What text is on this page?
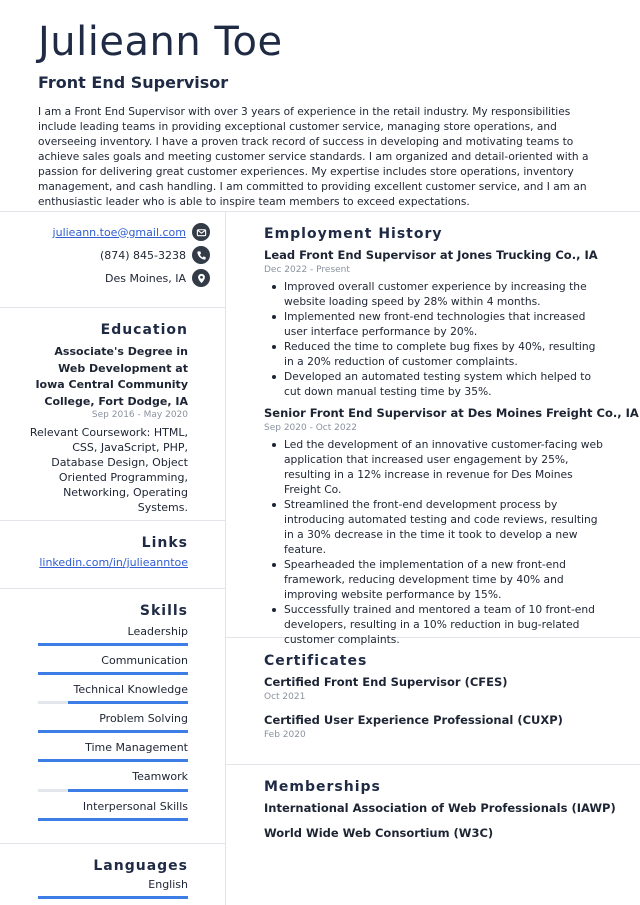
Julieann Toe
Front End Supervisor

I am a Front End Supervisor with over 3 years of experience in the retail industry. My responsibilities include leading teams in providing exceptional customer service, managing store operations, and overseeing inventory. I have a proven track record of success in developing and motivating teams to achieve sales goals and meeting customer service standards. I am organized and detail-oriented with a passion for delivering great customer experiences. My expertise includes store operations, inventory management, and cash handling. I am committed to providing excellent customer service, and I am an enthusiastic leader who is able to inspire team members to exceed expectations.

julieann.toe@gmail.com
(874) 845-3238
Des Moines, IA
Education

Associate's Degree in Web Development at Iowa Central Community College, Fort Dodge, IA

Sep 2016 - May 2020

Relevant Coursework: HTML, CSS, JavaScript, PHP, Database Design, Object Oriented Programming, Networking, Operating Systems.

Links
linkedin.com/in/julieanntoe
Skills
Leadership
Communication
Technical Knowledge
Problem Solving
Time Management
Teamwork
Interpersonal Skills
Languages
English
Employment History
Lead Front End Supervisor at Jones Trucking Co., IA
Dec 2022 - Present
Improved overall customer experience by increasing the website loading speed by 28% within 4 months.
Implemented new front-end technologies that increased user interface performance by 20%.
Reduced the time to complete bug fixes by 40%, resulting in a 20% reduction of customer complaints.
Developed an automated testing system which helped to cut down manual testing time by 35%.
Senior Front End Supervisor at Des Moines Freight Co., IA
Sep 2020 - Oct 2022
Led the development of an innovative customer-facing web application that increased user engagement by 25%, resulting in a 12% increase in revenue for Des Moines Freight Co.
Streamlined the front-end development process by introducing automated testing and code reviews, resulting in a 30% decrease in the time it took to develop a new feature.
Spearheaded the implementation of a new front-end framework, reducing development time by 40% and improving website performance by 15%.
Successfully trained and mentored a team of 10 front-end developers, resulting in a 10% reduction in bug-related customer complaints.
Certificates
Certified Front End Supervisor (CFES)
Oct 2021
Certified User Experience Professional (CUXP)
Feb 2020
Memberships
International Association of Web Professionals (IAWP)
World Wide Web Consortium (W3C)
